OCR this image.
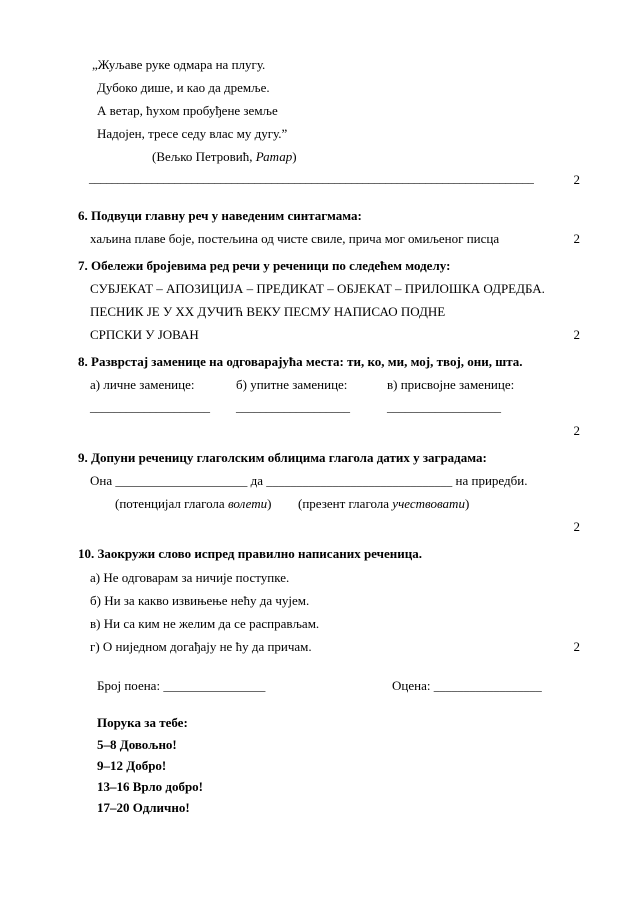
„Жуљаве руке одмара на плугу.
Дубоко дише, и као да дремље.
А ветар, ћухом пробуђене земље
Надојен, тресе седу влас му дугу.”
(Вељко Петровић, Ратар)
______________________________________________________________________________	2
6. Подвуци главну реч у наведеним синтагмама:
хаљина плаве боје, постељина од чисте свиле, прича мог омиљеног писца	2
7. Обележи бројевима ред речи у реченици по следећем моделу:
СУБЈЕКАТ – АПОЗИЦИЈА – ПРЕДИКАТ – ОБЈЕКАТ – ПРИЛОШКА ОДРЕДБА.
ПЕСНИК ЈЕ У ХХ ДУЧИЋ ВЕКУ ПЕСМУ НАПИСАО ПОДНЕ
СРПСКИ У ЈОВАН	2
8. Разврстај заменице на одговарајућа места: ти, ко, ми, мој, твој, они, шта.
а) личне заменице:	б) упитне заменице:	в) присвојне заменице:
____________________ ___________________	___________________
2
9. Допуни реченицу глаголским облицима глагола датих у заградама:
Она ______________________ да _______________________________ на приредби.
(потенцијал глагола волети) (презент глагола учествовати)
2
10. Заокружи слово испред правилно написаних реченица.
а) Не одговарам за ничије поступке.
б) Ни за какво извињење нећу да чујем.
в) Ни са ким не желим да се расправљам.
г) О ниједном догађају не ћу да причам.	2
Број поена: _________________	Оцена: __________________
Порука за тебе:
5–8 Довољно!
9–12 Добро!
13–16 Врло добро!
17–20 Одлично!
